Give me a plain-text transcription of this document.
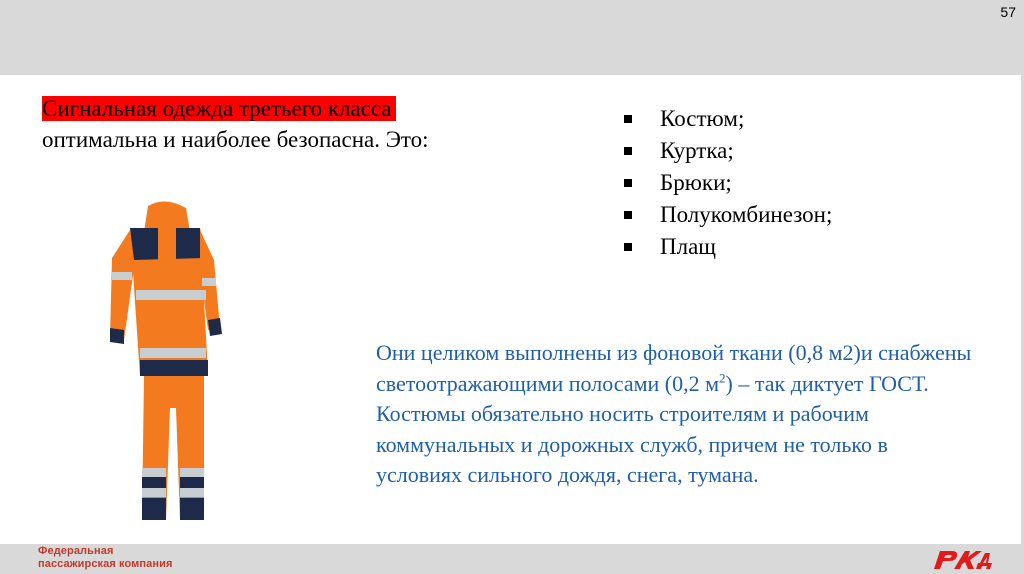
57
Сигнальная одежда третьего класса
оптимальна и наиболее безопасна. Это:
Костюм;
Куртка;
Брюки;
Полукомбинезон;
Плащ
Они целиком выполнены из фоновой ткани (0,8 м2)и снабжены светоотражающими полосами (0,2 $м^2$) – так диктует ГОСТ. Костюмы обязательно носить строителям и рабочим коммунальных и дорожных служб, причем не только в условиях сильного дождя, снега, тумана.
Федеральная
пассажирская компания
